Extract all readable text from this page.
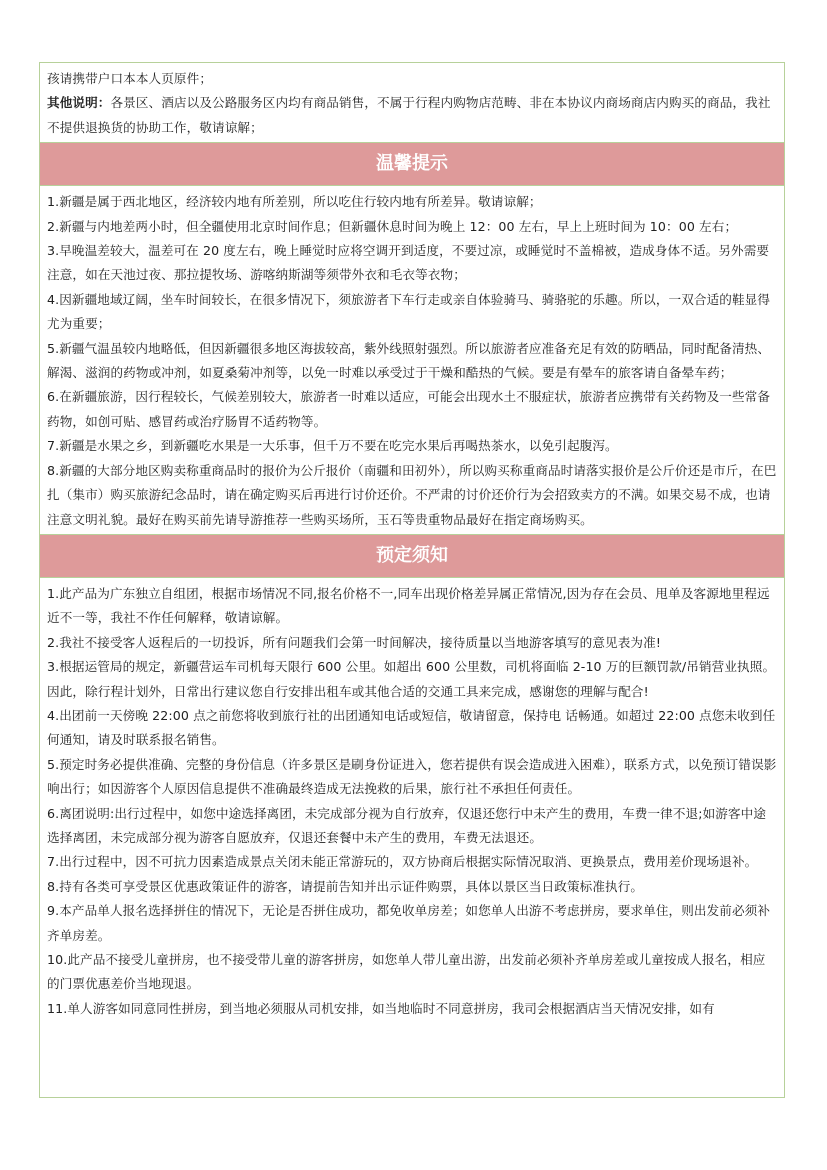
孩请携带户口本本人页原件；

其他说明：各景区、酒店以及公路服务区内均有商品销售，不属于行程内购物店范畴、非在本协议内商场商店内购买的商品，我社不提供退换货的协助工作，敬请谅解；

温馨提示

1.新疆是属于西北地区，经济较内地有所差别，所以吃住行较内地有所差异。敬请谅解；

2.新疆与内地差两小时，但全疆使用北京时间作息；但新疆休息时间为晚上 12：00 左右，早上上班时间为 10：00 左右；

3.早晚温差较大，温差可在 20 度左右，晚上睡觉时应将空调开到适度，不要过凉，或睡觉时不盖棉被，造成身体不适。另外需要注意，如在天池过夜、那拉提牧场、游喀纳斯湖等须带外衣和毛衣等衣物；

4.因新疆地域辽阔，坐车时间较长，在很多情况下，须旅游者下车行走或亲自体验骑马、骑骆驼的乐趣。所以，一双合适的鞋显得尤为重要；

5.新疆气温虽较内地略低，但因新疆很多地区海拔较高，紫外线照射强烈。所以旅游者应准备充足有效的防晒品，同时配备清热、解渴、滋润的药物或冲剂，如夏桑菊冲剂等，以免一时难以承受过于干燥和酷热的气候。要是有晕车的旅客请自备晕车药；

6.在新疆旅游，因行程较长，气候差别较大，旅游者一时难以适应，可能会出现水土不服症状，旅游者应携带有关药物及一些常备药物，如创可贴、感冒药或治疗肠胃不适药物等。

7.新疆是水果之乡，到新疆吃水果是一大乐事，但千万不要在吃完水果后再喝热茶水，以免引起腹泻。

8.新疆的大部分地区购卖称重商品时的报价为公斤报价（南疆和田初外），所以购买称重商品时请落实报价是公斤价还是市斤，在巴扎（集市）购买旅游纪念品时，请在确定购买后再进行讨价还价。不严肃的讨价还价行为会招致卖方的不满。如果交易不成，也请注意文明礼貌。最好在购买前先请导游推荐一些购买场所，玉石等贵重物品最好在指定商场购买。

预定须知

1.此产品为广东独立自组团，根据市场情况不同,报名价格不一,同车出现价格差异属正常情况,因为存在会员、甩单及客源地里程远近不一等，我社不作任何解释，敬请谅解。

2.我社不接受客人返程后的一切投诉，所有问题我们会第一时间解决，接待质量以当地游客填写的意见表为准!

3.根据运管局的规定，新疆营运车司机每天限行 600 公里。如超出 600 公里数，司机将面临 2-10 万的巨额罚款/吊销营业执照。因此，除行程计划外，日常出行建议您自行安排出租车或其他合适的交通工具来完成，感谢您的理解与配合!

4.出团前一天傍晚 22:00 点之前您将收到旅行社的出团通知电话或短信，敬请留意，保持电 话畅通。如超过 22:00 点您未收到任何通知，请及时联系报名销售。

5.预定时务必提供准确、完整的身份信息（许多景区是刷身份证进入，您若提供有误会造成进入困难），联系方式，以免预订错误影响出行；如因游客个人原因信息提供不准确最终造成无法挽救的后果，旅行社不承担任何责任。

6.离团说明:出行过程中，如您中途选择离团，未完成部分视为自行放弃，仅退还您行中未产生的费用，车费一律不退;如游客中途选择离团，未完成部分视为游客自愿放弃，仅退还套餐中未产生的费用，车费无法退还。

7.出行过程中，因不可抗力因素造成景点关闭未能正常游玩的，双方协商后根据实际情况取消、更换景点，费用差价现场退补。

8.持有各类可享受景区优惠政策证件的游客，请提前告知并出示证件购票，具体以景区当日政策标准执行。

9.本产品单人报名选择拼住的情况下，无论是否拼住成功，都免收单房差；如您单人出游不考虑拼房，要求单住，则出发前必须补齐单房差。

10.此产品不接受儿童拼房，也不接受带儿童的游客拼房，如您单人带儿童出游，出发前必须补齐单房差或儿童按成人报名，相应的门票优惠差价当地现退。

11.单人游客如同意同性拼房，到当地必须服从司机安排，如当地临时不同意拼房，我司会根据酒店当天情况安排，如有
